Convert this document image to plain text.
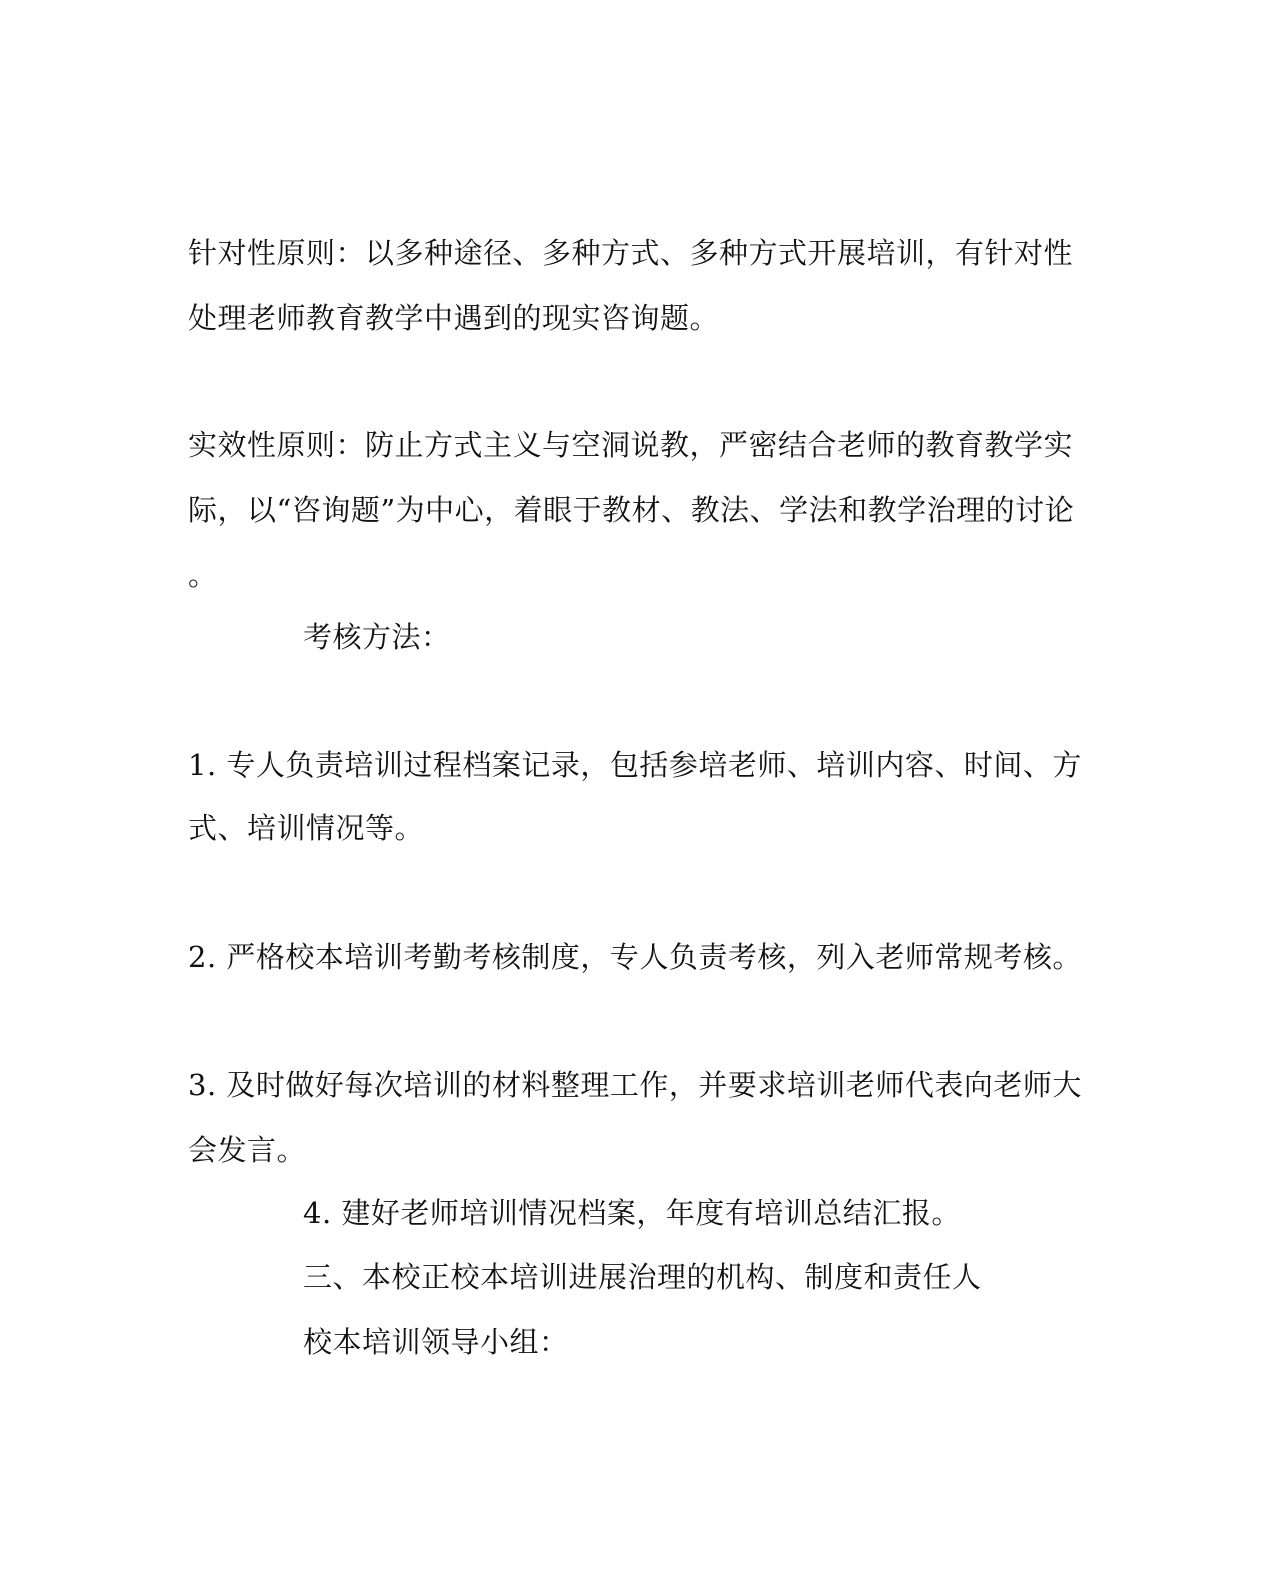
针对性原则：以多种途径、多种方式、多种方式开展培训，有针对性
处理老师教育教学中遇到的现实咨询题。
实效性原则：防止方式主义与空洞说教，严密结合老师的教育教学实
际，以“咨询题”为中心，着眼于教材、教法、学法和教学治理的讨论
。
考核方法：
1. 专人负责培训过程档案记录，包括参培老师、培训内容、时间、方
式、培训情况等。
2. 严格校本培训考勤考核制度，专人负责考核，列入老师常规考核。
3. 及时做好每次培训的材料整理工作，并要求培训老师代表向老师大
会发言。
4. 建好老师培训情况档案，年度有培训总结汇报。
三、本校正校本培训进展治理的机构、制度和责任人
校本培训领导小组：
